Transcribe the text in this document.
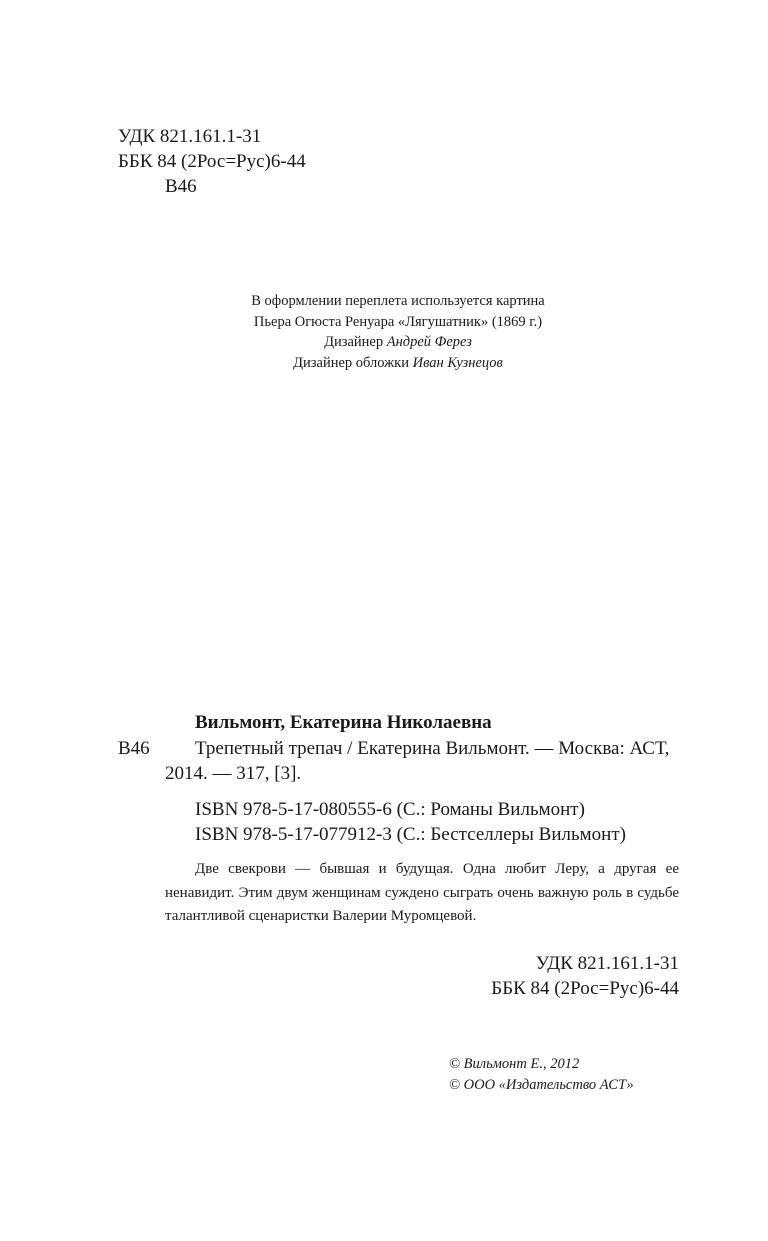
УДК 821.161.1-31
ББК 84 (2Рос=Рус)6-44
В46
В оформлении переплета используется картина
Пьера Огюста Ренуара «Лягушатник» (1869 г.)
Дизайнер Андрей Ферез
Дизайнер обложки Иван Кузнецов
Вильмонт, Екатерина Николаевна
В46 Трепетный трепач / Екатерина Вильмонт. — Москва: АСТ,
2014. — 317, [3].
ISBN 978-5-17-080555-6 (С.: Романы Вильмонт)
ISBN 978-5-17-077912-3 (С.: Бестселлеры Вильмонт)
Две свекрови — бывшая и будущая. Одна любит Леру, а другая ее ненавидит. Этим двум женщинам суждено сыграть очень важную роль в судьбе талантливой сценаристки Валерии Муромцевой.
УДК 821.161.1-31
ББК 84 (2Рос=Рус)6-44
© Вильмонт Е., 2012
© ООО «Издательство АСТ»
